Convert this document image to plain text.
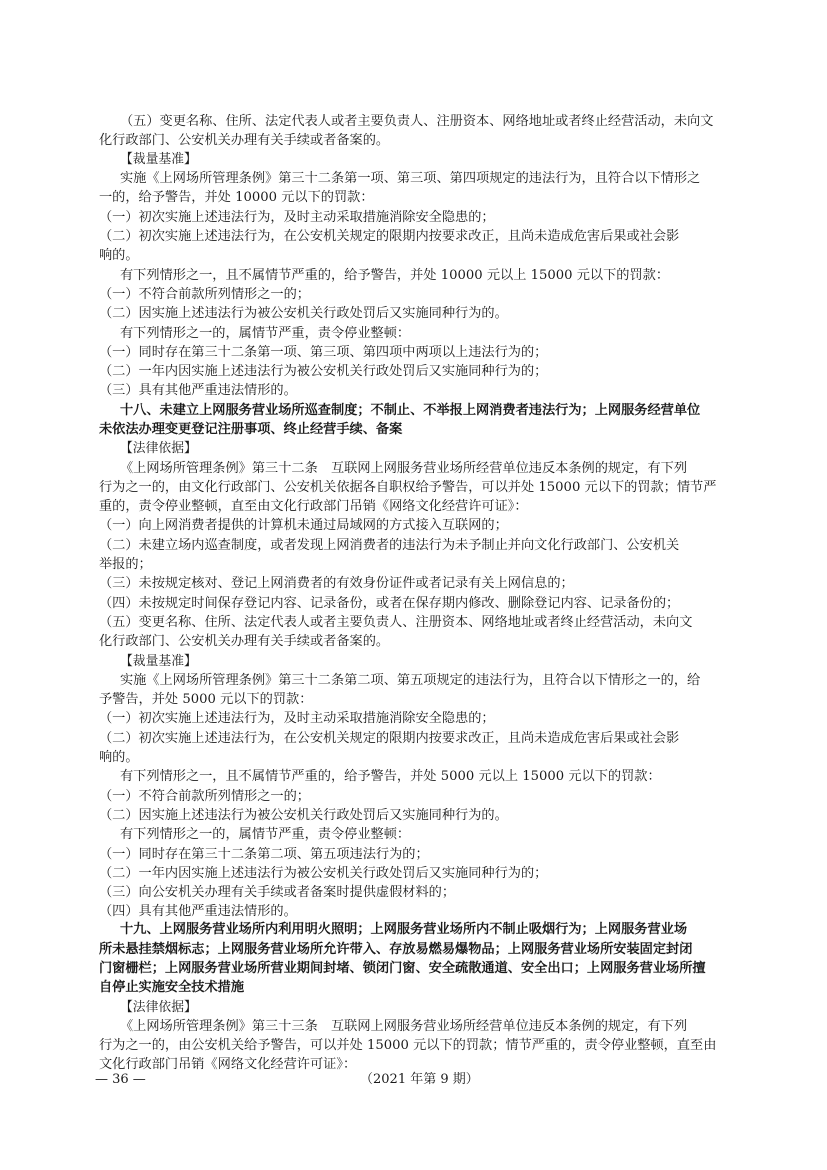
（五）变更名称、住所、法定代表人或者主要负责人、注册资本、网络地址或者终止经营活动，未向文
化行政部门、公安机关办理有关手续或者备案的。
【裁量基准】
实施《上网场所管理条例》第三十二条第一项、第三项、第四项规定的违法行为，且符合以下情形之
一的，给予警告，并处 10000 元以下的罚款：
（一）初次实施上述违法行为，及时主动采取措施消除安全隐患的；
（二）初次实施上述违法行为，在公安机关规定的限期内按要求改正，且尚未造成危害后果或社会影
响的。
有下列情形之一，且不属情节严重的，给予警告，并处 10000 元以上 15000 元以下的罚款：
（一）不符合前款所列情形之一的；
（二）因实施上述违法行为被公安机关行政处罚后又实施同种行为的。
有下列情形之一的，属情节严重，责令停业整顿：
（一）同时存在第三十二条第一项、第三项、第四项中两项以上违法行为的；
（二）一年内因实施上述违法行为被公安机关行政处罚后又实施同种行为的；
（三）具有其他严重违法情形的。
十八、未建立上网服务营业场所巡查制度；不制止、不举报上网消费者违法行为；上网服务经营单位
未依法办理变更登记注册事项、终止经营手续、备案
【法律依据】
《上网场所管理条例》第三十二条　互联网上网服务营业场所经营单位违反本条例的规定，有下列
行为之一的，由文化行政部门、公安机关依据各自职权给予警告，可以并处 15000 元以下的罚款；情节严
重的，责令停业整顿，直至由文化行政部门吊销《网络文化经营许可证》：
（一）向上网消费者提供的计算机未通过局域网的方式接入互联网的；
（二）未建立场内巡查制度，或者发现上网消费者的违法行为未予制止并向文化行政部门、公安机关
举报的；
（三）未按规定核对、登记上网消费者的有效身份证件或者记录有关上网信息的；
（四）未按规定时间保存登记内容、记录备份，或者在保存期内修改、删除登记内容、记录备份的；
（五）变更名称、住所、法定代表人或者主要负责人、注册资本、网络地址或者终止经营活动，未向文
化行政部门、公安机关办理有关手续或者备案的。
【裁量基准】
实施《上网场所管理条例》第三十二条第二项、第五项规定的违法行为，且符合以下情形之一的，给
予警告，并处 5000 元以下的罚款：
（一）初次实施上述违法行为，及时主动采取措施消除安全隐患的；
（二）初次实施上述违法行为，在公安机关规定的限期内按要求改正，且尚未造成危害后果或社会影
响的。
有下列情形之一，且不属情节严重的，给予警告，并处 5000 元以上 15000 元以下的罚款：
（一）不符合前款所列情形之一的；
（二）因实施上述违法行为被公安机关行政处罚后又实施同种行为的。
有下列情形之一的，属情节严重，责令停业整顿：
（一）同时存在第三十二条第二项、第五项违法行为的；
（二）一年内因实施上述违法行为被公安机关行政处罚后又实施同种行为的；
（三）向公安机关办理有关手续或者备案时提供虚假材料的；
（四）具有其他严重违法情形的。
十九、上网服务营业场所内利用明火照明；上网服务营业场所内不制止吸烟行为；上网服务营业场
所未悬挂禁烟标志；上网服务营业场所允许带入、存放易燃易爆物品；上网服务营业场所安装固定封闭
门窗栅栏；上网服务营业场所营业期间封堵、锁闭门窗、安全疏散通道、安全出口；上网服务营业场所擅
自停止实施安全技术措施
【法律依据】
《上网场所管理条例》第三十三条　互联网上网服务营业场所经营单位违反本条例的规定，有下列
行为之一的，由公安机关给予警告，可以并处 15000 元以下的罚款；情节严重的，责令停业整顿，直至由
文化行政部门吊销《网络文化经营许可证》：
— 36 —	（2021 年第 9 期）
